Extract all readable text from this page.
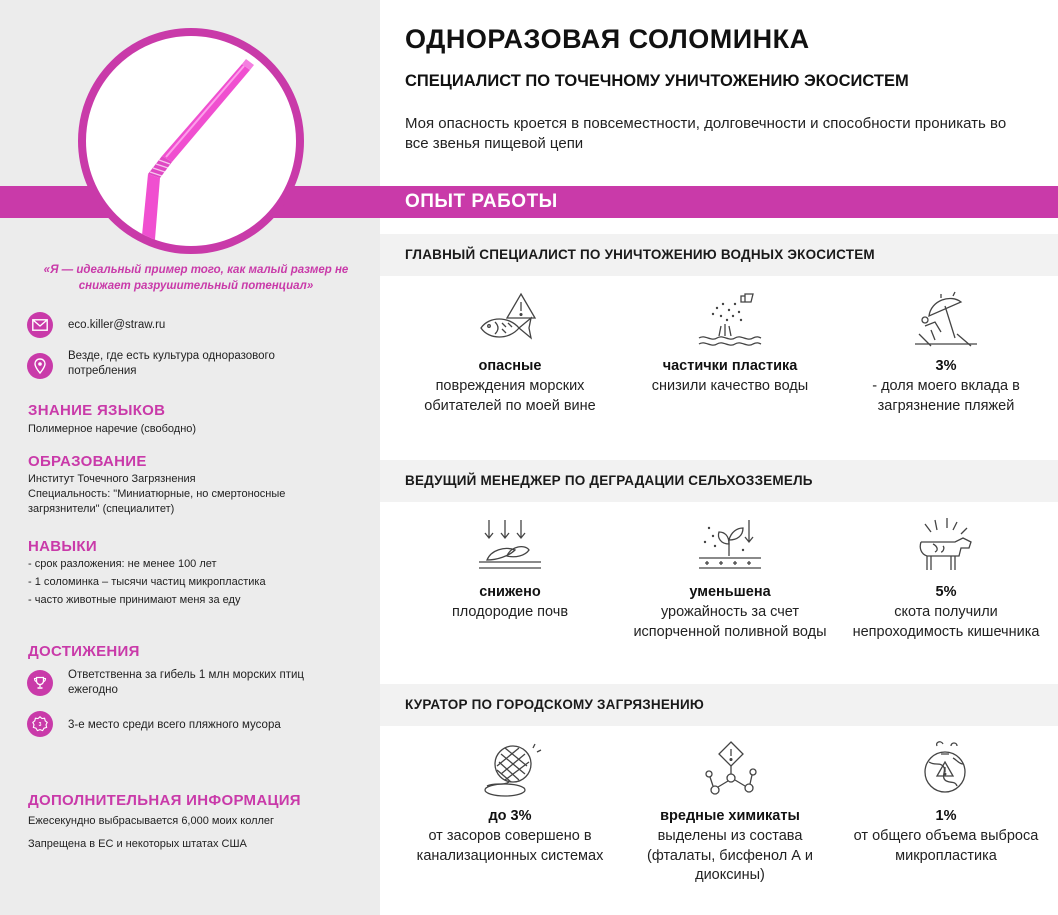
«Я — идеальный пример того, как малый размер не снижает разрушительный потенциал»
eco.killer@straw.ru
Везде, где есть культура одноразового потребления
ЗНАНИЕ ЯЗЫКОВ
Полимерное наречие (свободно)
ОБРАЗОВАНИЕ
Институт Точечного Загрязнения
Специальность: "Миниатюрные, но смертоносные
загрязнители" (специалитет)
НАВЫКИ
- срок разложения: не менее 100 лет
- 1 соломинка – тысячи частиц микропластика
- часто животные принимают меня за еду
ДОСТИЖЕНИЯ
Ответственна за гибель 1 млн морских птиц ежегодно
3 3-е место среди всего пляжного мусора
ДОПОЛНИТЕЛЬНАЯ ИНФОРМАЦИЯ
Ежесекундно выбрасывается 6,000 моих коллег
Запрещена в ЕС и некоторых штатах США
ОДНОРАЗОВАЯ СОЛОМИНКА
СПЕЦИАЛИСТ ПО ТОЧЕЧНОМУ УНИЧТОЖЕНИЮ ЭКОСИСТЕМ
Моя опасность кроется в повсеместности, долговечности и способности проникать во все звенья пищевой цепи
ОПЫТ РАБОТЫ
ГЛАВНЫЙ СПЕЦИАЛИСТ ПО УНИЧТОЖЕНИЮ ВОДНЫХ ЭКОСИСТЕМ
опасные
повреждения морских обитателей по моей вине
частички пластика
снизили качество воды
3%
- доля моего вклада в загрязнение пляжей
ВЕДУЩИЙ МЕНЕДЖЕР ПО ДЕГРАДАЦИИ СЕЛЬХОЗЗЕМЕЛЬ
снижено
плодородие почв
уменьшена
урожайность за счет испорченной поливной воды
5%
скота получили непроходимость кишечника
КУРАТОР ПО ГОРОДСКОМУ ЗАГРЯЗНЕНИЮ
до 3%
от засоров совершено в канализационных системах
вредные химикаты
выделены из состава (фталаты, бисфенол А и диоксины)
1%
от общего объема выброса микропластика
